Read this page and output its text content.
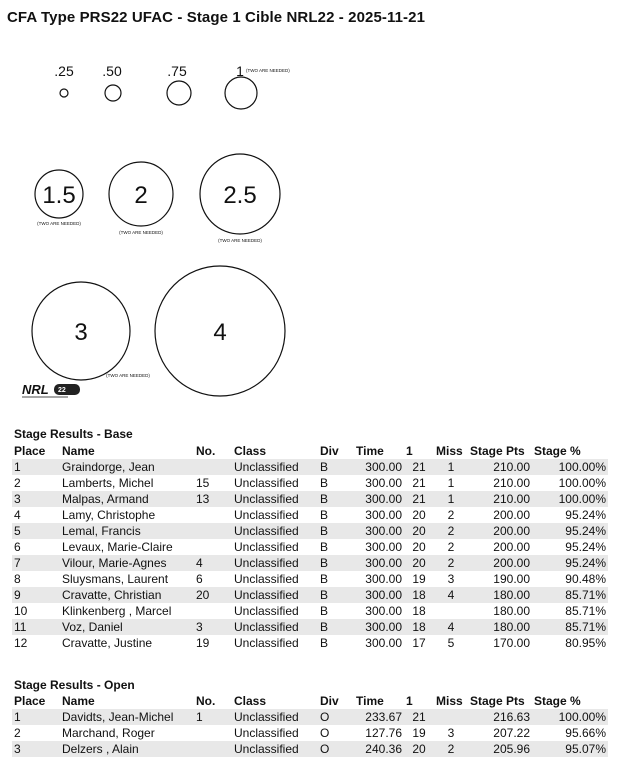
CFA Type PRS22 UFAC - Stage 1 Cible NRL22 - 2025-11-21
.25 .50	.75	1 (TWO ARE NEEDED)
1.5
(TWO ARE NEEDED)
2
(TWO ARE NEEDED)
2.5
(TWO ARE NEEDED)
3
(TWO ARE NEEDED)
4
NRL 22
Stage Results - Base
Place	Name	No.	Class	Div	Time	1	Miss	Stage Pts	Stage %
1	Graindorge, Jean		Unclassified	B	300.00	21	1	210.00	100.00%
2	Lamberts, Michel	15	Unclassified	B	300.00	21	1	210.00	100.00%
3	Malpas, Armand	13	Unclassified	B	300.00	21	1	210.00	100.00%
4	Lamy, Christophe		Unclassified	B	300.00	20	2	200.00	95.24%
5	Lemal, Francis		Unclassified	B	300.00	20	2	200.00	95.24%
6	Levaux, Marie-Claire		Unclassified	B	300.00	20	2	200.00	95.24%
7	Vilour, Marie-Agnes	4	Unclassified	B	300.00	20	2	200.00	95.24%
8	Sluysmans, Laurent	6	Unclassified	B	300.00	19	3	190.00	90.48%
9	Cravatte, Christian	20	Unclassified	B	300.00	18	4	180.00	85.71%
10	Klinkenberg , Marcel		Unclassified	B	300.00	18		180.00	85.71%
11	Voz, Daniel	3	Unclassified	B	300.00	18	4	180.00	85.71%
12	Cravatte, Justine	19	Unclassified	B	300.00	17	5	170.00	80.95%
Stage Results - Open
Place	Name	No.	Class	Div	Time	1	Miss	Stage Pts	Stage %
1	Davidts, Jean-Michel	1	Unclassified	O	233.67	21		216.63	100.00%
2	Marchand, Roger		Unclassified	O	127.76	19	3	207.22	95.66%
3	Delzers , Alain		Unclassified	O	240.36	20	2	205.96	95.07%
